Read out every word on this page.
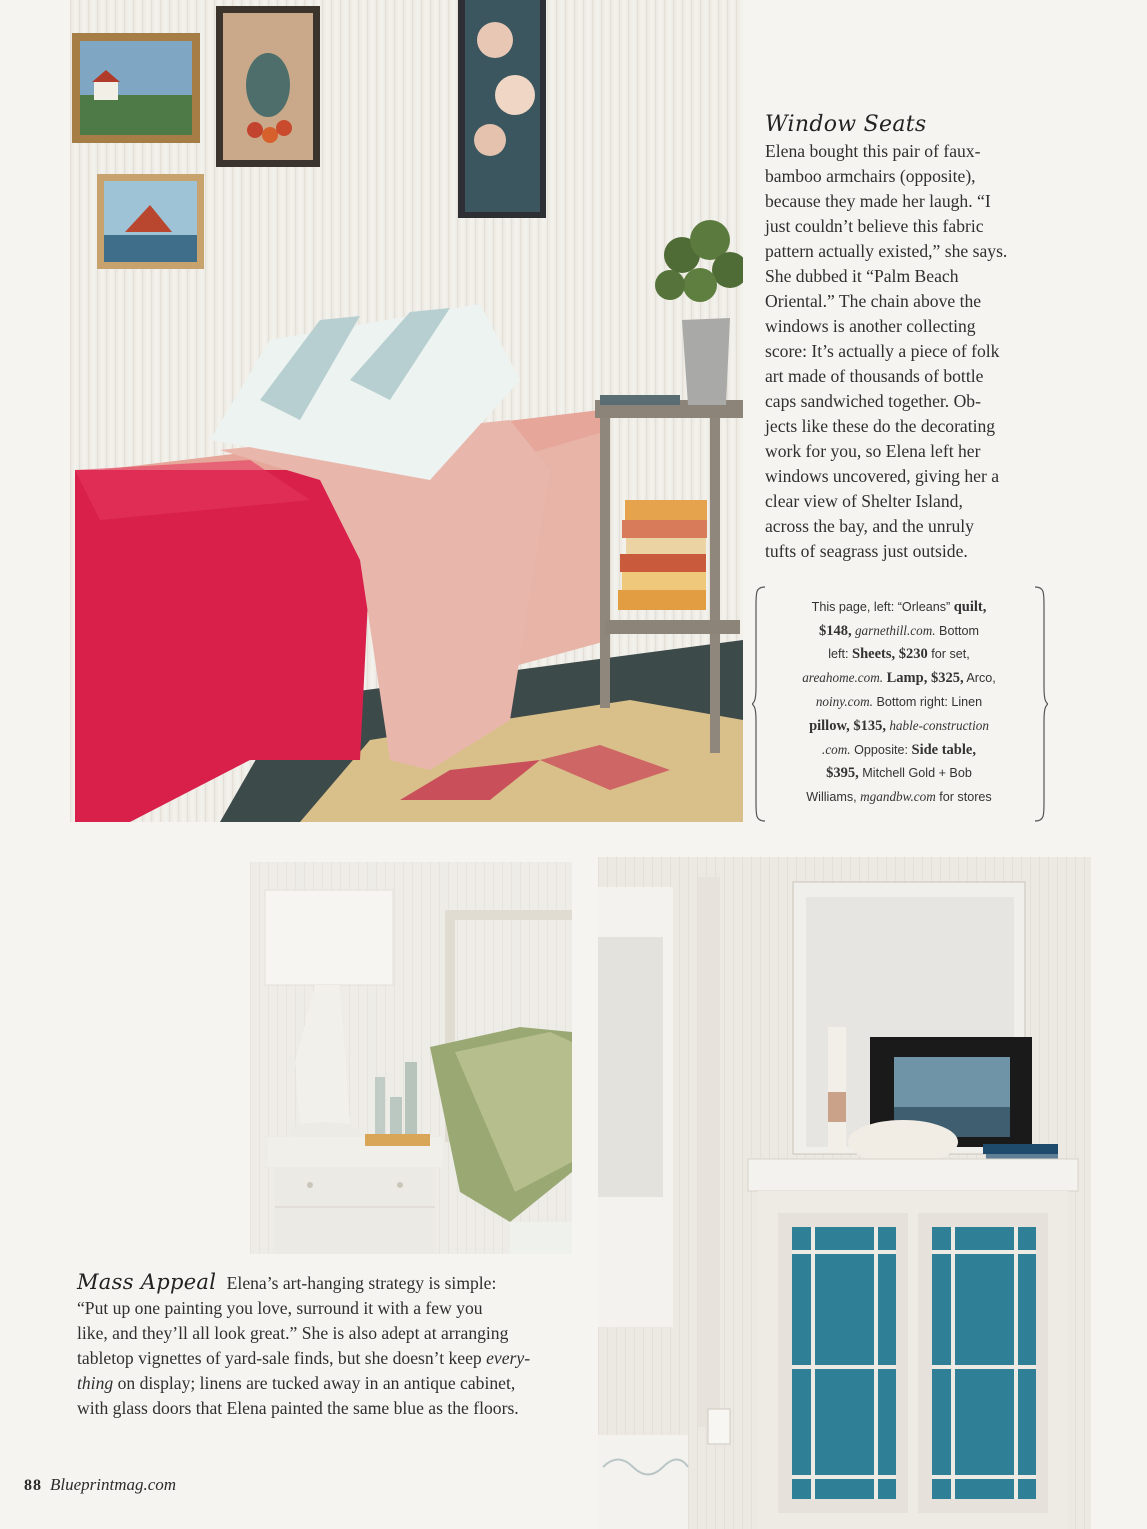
Window Seats
Elena bought this pair of faux-
bamboo armchairs (opposite),
because they made her laugh. “I
just couldn’t believe this fabric
pattern actually existed,” she says.
She dubbed it “Palm Beach
Oriental.” The chain above the
windows is another collecting
score: It’s actually a piece of folk
art made of thousands of bottle
caps sandwiched together. Ob-
jects like these do the decorating
work for you, so Elena left her
windows uncovered, giving her a
clear view of Shelter Island,
across the bay, and the unruly
tufts of seagrass just outside.
This page, left: “Orleans” quilt,
$148, garnethill.com. Bottom
left: Sheets, $230 for set,
areahome.com. Lamp, $325, Arco,
noiny.com. Bottom right: Linen
pillow, $135, hable-construction
.com. Opposite: Side table,
$395, Mitchell Gold + Bob
Williams, mgandbw.com for stores

Mass Appeal Elena’s art-hanging strategy is simple:

“Put up one painting you love, surround it with a few you

like, and they’ll all look great.” She is also adept at arranging

tabletop vignettes of yard-sale finds, but she doesn’t keep every-

thing on display; linens are tucked away in an antique cabinet,

with glass doors that Elena painted the same blue as the floors.

88 Blueprintmag.com
